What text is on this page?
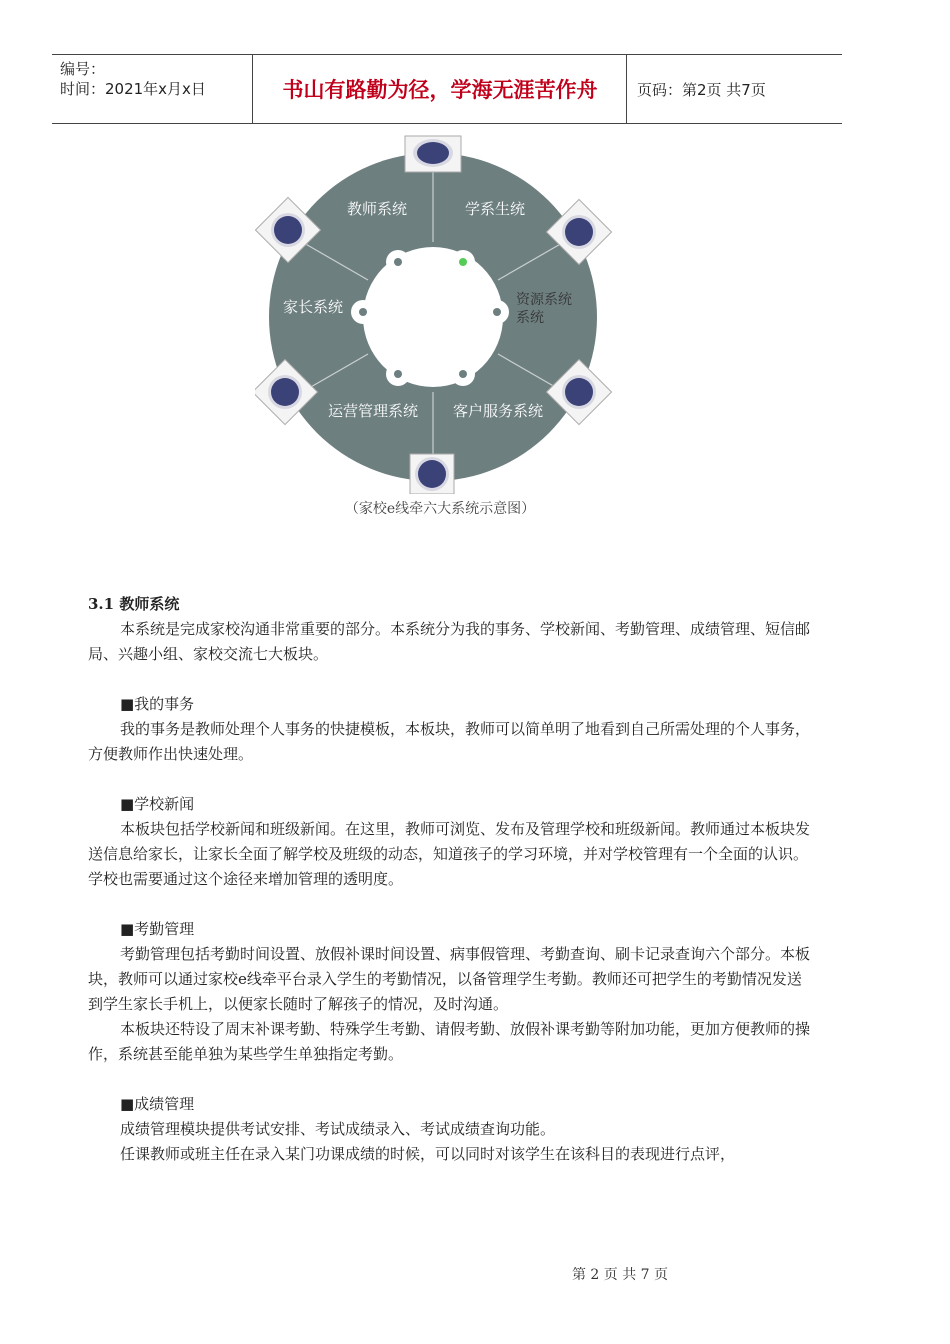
编号：
时间：2021年x月x日	书山有路勤为径，学海无涯苦作舟	页码：第2页 共7页
教师系统	学系生统
资源系统
系统
客户服务系统
运营管理系统
家长系统
（家校e线牵六大系统示意图）

3.1 教师系统

本系统是完成家校沟通非常重要的部分。本系统分为我的事务、学校新闻、考勤管理、成绩管理、短信邮局、兴趣小组、家校交流七大板块。

■我的事务

我的事务是教师处理个人事务的快捷模板，本板块，教师可以简单明了地看到自己所需处理的个人事务，方便教师作出快速处理。

■学校新闻

本板块包括学校新闻和班级新闻。在这里，教师可浏览、发布及管理学校和班级新闻。教师通过本板块发送信息给家长，让家长全面了解学校及班级的动态，知道孩子的学习环境，并对学校管理有一个全面的认识。学校也需要通过这个途径来增加管理的透明度。

■考勤管理

考勤管理包括考勤时间设置、放假补课时间设置、病事假管理、考勤查询、刷卡记录查询六个部分。本板块，教师可以通过家校e线牵平台录入学生的考勤情况，以备管理学生考勤。教师还可把学生的考勤情况发送到学生家长手机上，以便家长随时了解孩子的情况，及时沟通。

本板块还特设了周末补课考勤、特殊学生考勤、请假考勤、放假补课考勤等附加功能，更加方便教师的操作，系统甚至能单独为某些学生单独指定考勤。

■成绩管理

成绩管理模块提供考试安排、考试成绩录入、考试成绩查询功能。

任课教师或班主任在录入某门功课成绩的时候，可以同时对该学生在该科目的表现进行点评，

第 2 页 共 7 页
